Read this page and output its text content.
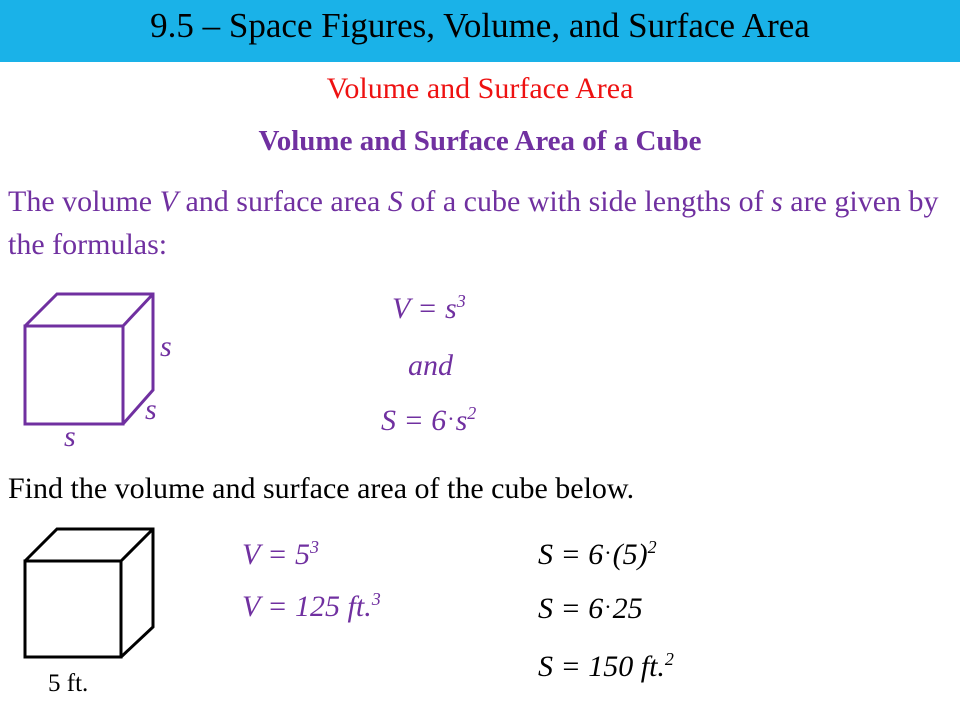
9.5 – Space Figures, Volume, and Surface Area
Volume and Surface Area
Volume and Surface Area of a Cube
The volume V and surface area S of a cube with side lengths of s are given by the formulas:
s
s
s
$V = s^3$
and
$S = 6\cdot s^2$
Find the volume and surface area of the cube below.
5 ft.
$V = 5^3$
V = 125 ft.$^3$
$S = 6\cdot(5)^2$
S = 6·25
S = 150 ft.$^2$
